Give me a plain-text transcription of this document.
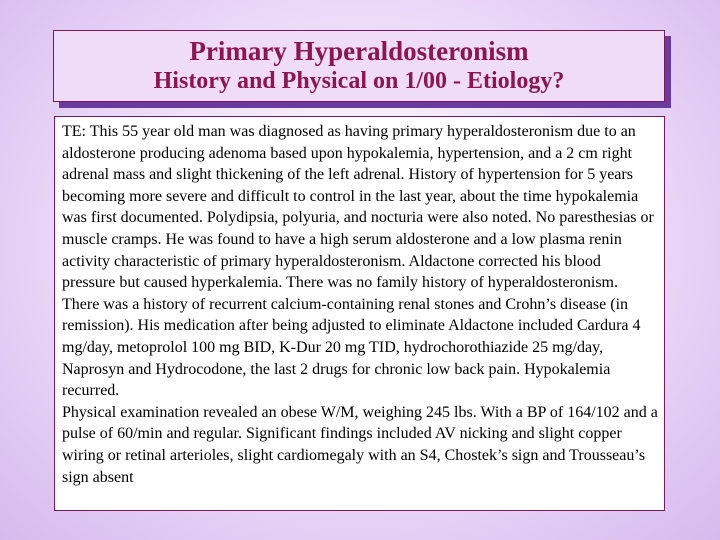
Primary Hyperaldosteronism
History and Physical on 1/00 - Etiology?

TE: This 55 year old man was diagnosed as having primary hyperaldosteronism due to an aldosterone producing adenoma based upon hypokalemia, hypertension, and a 2 cm right adrenal mass and slight thickening of the left adrenal. History of hypertension for 5 years becoming more severe and difficult to control in the last year, about the time hypokalemia was first documented. Polydipsia, polyuria, and nocturia were also noted. No paresthesias or muscle cramps. He was found to have a high serum aldosterone and a low plasma renin activity characteristic of primary hyperaldosteronism. Aldactone corrected his blood pressure but caused hyperkalemia. There was no family history of hyperaldosteronism. There was a history of recurrent calcium-containing renal stones and Crohn’s disease (in remission). His medication after being adjusted to eliminate Aldactone included Cardura 4 mg/day, metoprolol 100 mg BID, K-Dur 20 mg TID, hydrochorothiazide 25 mg/day, Naprosyn and Hydrocodone, the last 2 drugs for chronic low back pain. Hypokalemia recurred.

Physical examination revealed an obese W/M, weighing 245 lbs. With a BP of 164/102 and a pulse of 60/min and regular. Significant findings included AV nicking and slight copper wiring or retinal arterioles, slight cardiomegaly with an S4, Chostek’s sign and Trousseau’s sign absent
